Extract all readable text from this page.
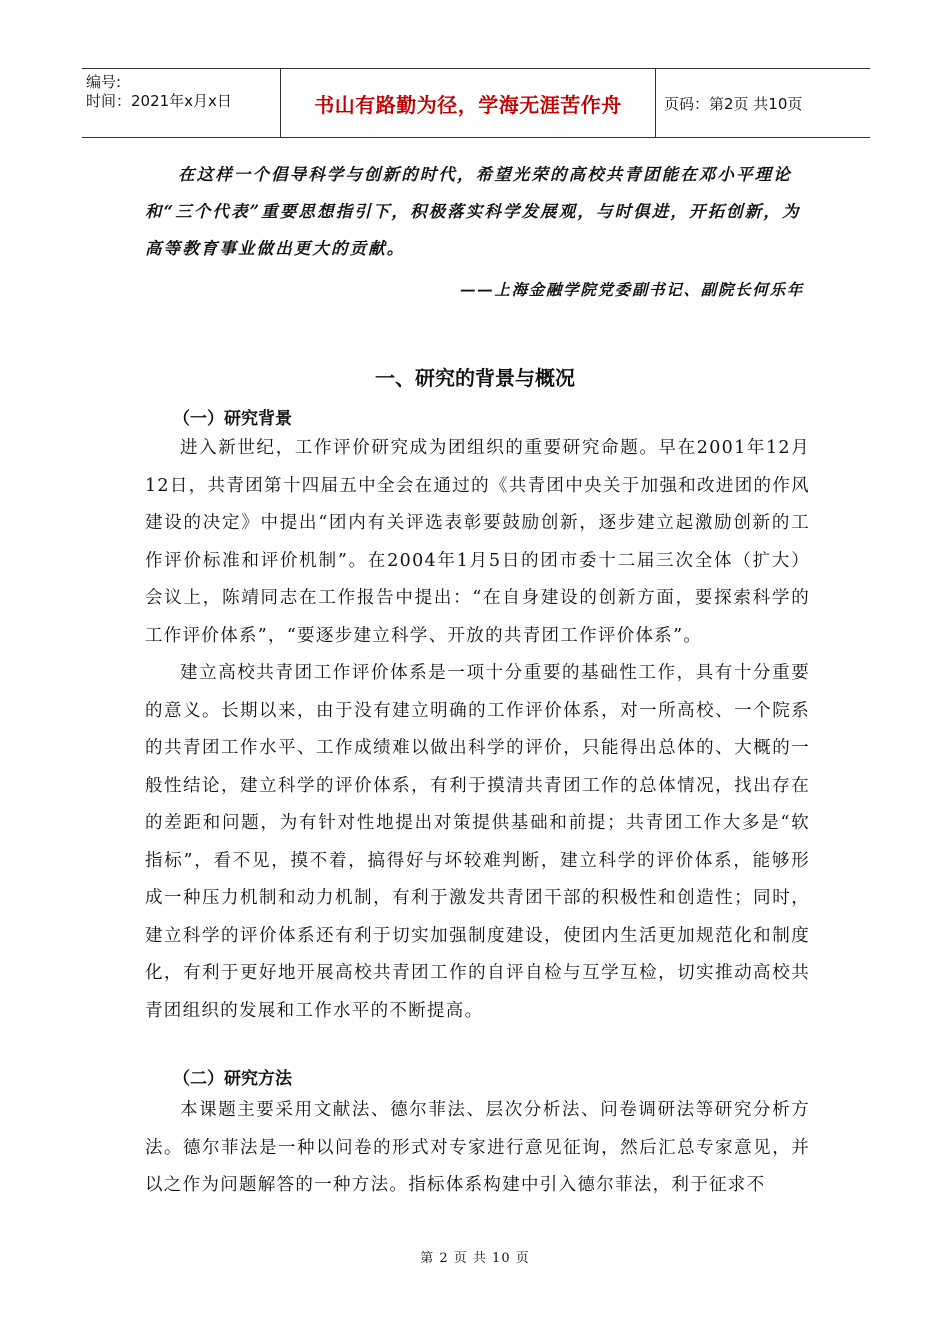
编号:
时间：2021年x月x日	书山有路勤为径，学海无涯苦作舟	页码：第2页 共10页

在这样一个倡导科学与创新的时代，希望光荣的高校共青团能在邓小平理论和“三个代表”重要思想指引下，积极落实科学发展观，与时俱进，开拓创新，为高等教育事业做出更大的贡献。

——上海金融学院党委副书记、副院长何乐年
一、研究的背景与概况
（一）研究背景

进入新世纪，工作评价研究成为团组织的重要研究命题。早在2001年12月12日，共青团第十四届五中全会在通过的《共青团中央关于加强和改进团的作风建设的决定》中提出“团内有关评选表彰要鼓励创新，逐步建立起激励创新的工作评价标准和评价机制”。在2004年1月5日的团市委十二届三次全体（扩大）会议上，陈靖同志在工作报告中提出：“在自身建设的创新方面，要探索科学的工作评价体系”，“要逐步建立科学、开放的共青团工作评价体系”。

建立高校共青团工作评价体系是一项十分重要的基础性工作，具有十分重要的意义。长期以来，由于没有建立明确的工作评价体系，对一所高校、一个院系的共青团工作水平、工作成绩难以做出科学的评价，只能得出总体的、大概的一般性结论，建立科学的评价体系，有利于摸清共青团工作的总体情况，找出存在的差距和问题，为有针对性地提出对策提供基础和前提；共青团工作大多是“软指标”，看不见，摸不着，搞得好与坏较难判断，建立科学的评价体系，能够形成一种压力机制和动力机制，有利于激发共青团干部的积极性和创造性；同时，建立科学的评价体系还有利于切实加强制度建设，使团内生活更加规范化和制度化，有利于更好地开展高校共青团工作的自评自检与互学互检，切实推动高校共青团组织的发展和工作水平的不断提高。

（二）研究方法

本课题主要采用文献法、德尔菲法、层次分析法、问卷调研法等研究分析方法。德尔菲法是一种以问卷的形式对专家进行意见征询，然后汇总专家意见，并以之作为问题解答的一种方法。指标体系构建中引入德尔菲法，利于征求不

第 2 页 共 10 页
